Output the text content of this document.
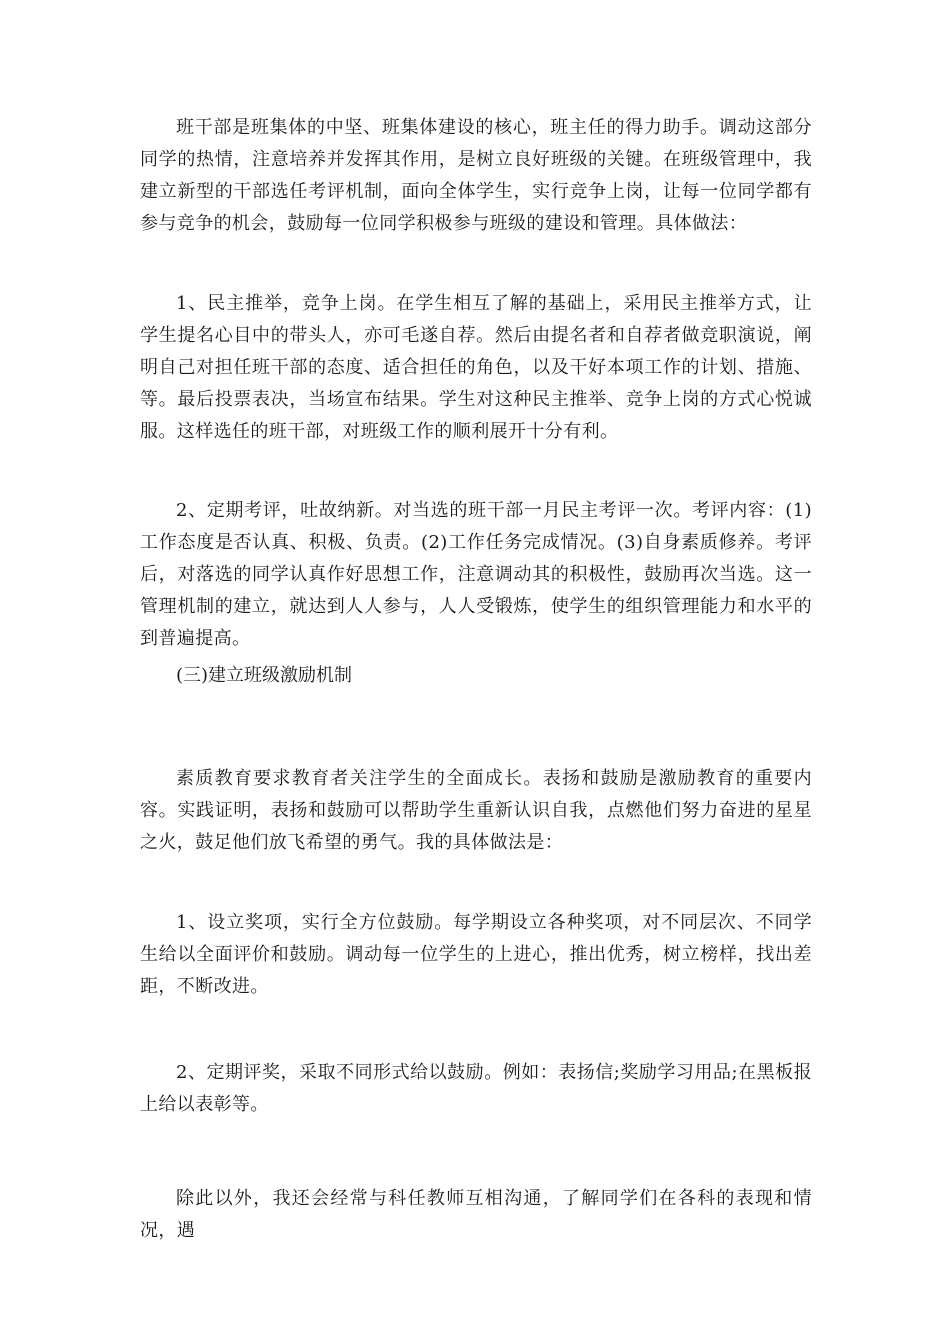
班干部是班集体的中坚、班集体建设的核心，班主任的得力助手。调动这部分同学的热情，注意培养并发挥其作用，是树立良好班级的关键。在班级管理中，我建立新型的干部选任考评机制，面向全体学生，实行竞争上岗，让每一位同学都有参与竞争的机会，鼓励每一位同学积极参与班级的建设和管理。具体做法：

1、民主推举，竞争上岗。在学生相互了解的基础上，采用民主推举方式，让学生提名心目中的带头人，亦可毛遂自荐。然后由提名者和自荐者做竞职演说，阐明自己对担任班干部的态度、适合担任的角色，以及干好本项工作的计划、措施、等。最后投票表决，当场宣布结果。学生对这种民主推举、竞争上岗的方式心悦诚服。这样选任的班干部，对班级工作的顺利展开十分有利。

2、定期考评，吐故纳新。对当选的班干部一月民主考评一次。考评内容：(1)工作态度是否认真、积极、负责。(2)工作任务完成情况。(3)自身素质修养。考评后，对落选的同学认真作好思想工作，注意调动其的积极性，鼓励再次当选。这一管理机制的建立，就达到人人参与，人人受锻炼，使学生的组织管理能力和水平的到普遍提高。

(三)建立班级激励机制

素质教育要求教育者关注学生的全面成长。表扬和鼓励是激励教育的重要内容。实践证明，表扬和鼓励可以帮助学生重新认识自我，点燃他们努力奋进的星星之火，鼓足他们放飞希望的勇气。我的具体做法是：

1、设立奖项，实行全方位鼓励。每学期设立各种奖项，对不同层次、不同学生给以全面评价和鼓励。调动每一位学生的上进心，推出优秀，树立榜样，找出差距，不断改进。

2、定期评奖，采取不同形式给以鼓励。例如：表扬信;奖励学习用品;在黑板报上给以表彰等。

除此以外，我还会经常与科任教师互相沟通，了解同学们在各科的表现和情况，遇
